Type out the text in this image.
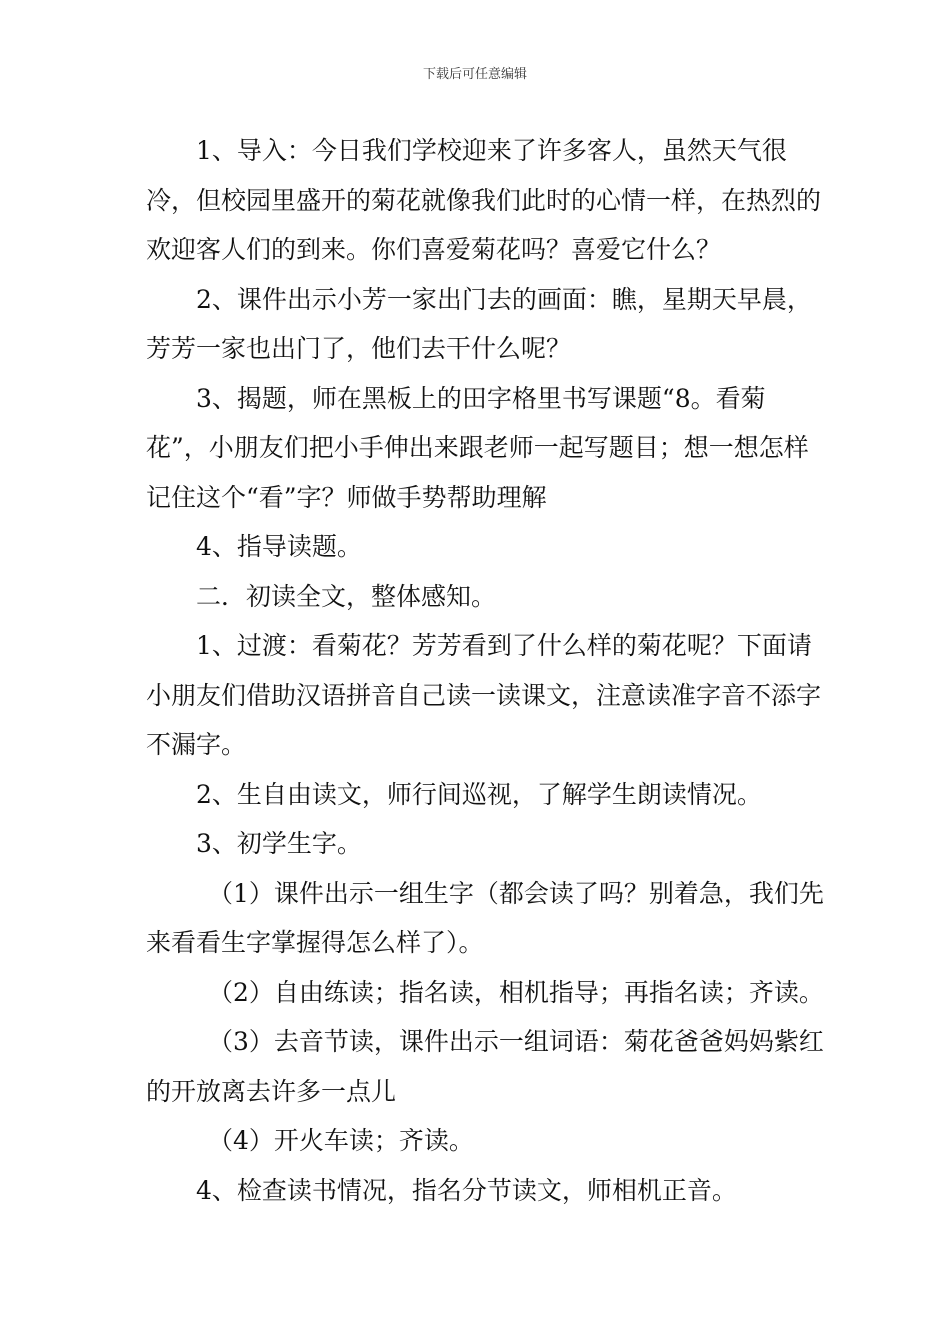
下载后可任意编辑

1、导入：今日我们学校迎来了许多客人，虽然天气很冷，但校园里盛开的菊花就像我们此时的心情一样，在热烈的欢迎客人们的到来。你们喜爱菊花吗？喜爱它什么？

2、课件出示小芳一家出门去的画面：瞧，星期天早晨，芳芳一家也出门了，他们去干什么呢？

3、揭题，师在黑板上的田字格里书写课题“8。看菊花”，小朋友们把小手伸出来跟老师一起写题目；想一想怎样记住这个“看”字？师做手势帮助理解

4、指导读题。

二．初读全文，整体感知。

1、过渡：看菊花？芳芳看到了什么样的菊花呢？下面请小朋友们借助汉语拼音自己读一读课文，注意读准字音不添字不漏字。

2、生自由读文，师行间巡视，了解学生朗读情况。

3、初学生字。

（1）课件出示一组生字（都会读了吗？别着急，我们先来看看生字掌握得怎么样了）。

（2）自由练读；指名读，相机指导；再指名读；齐读。

（3）去音节读，课件出示一组词语：菊花爸爸妈妈紫红的开放离去许多一点儿

（4）开火车读；齐读。

4、检查读书情况，指名分节读文，师相机正音。
